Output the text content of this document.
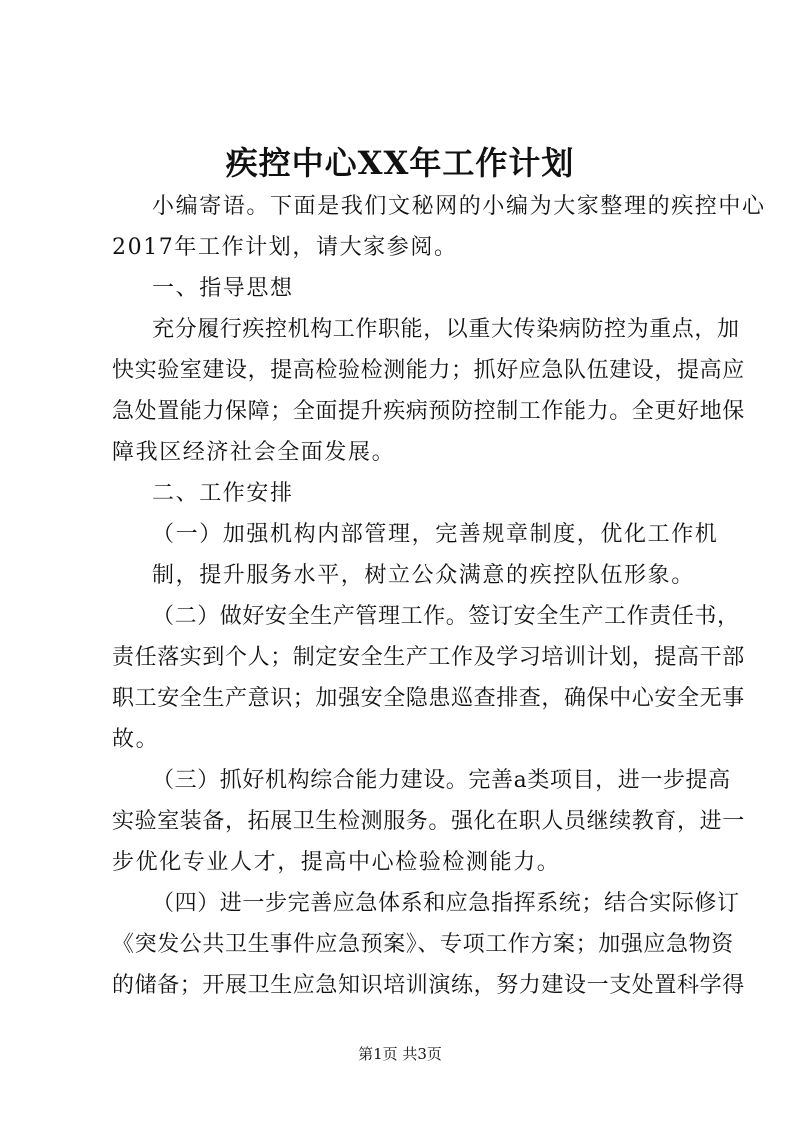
疾控中心XX年工作计划
小编寄语。下面是我们文秘网的小编为大家整理的疾控中心
2017年工作计划，请大家参阅。
一、指导思想
充分履行疾控机构工作职能，以重大传染病防控为重点，加
快实验室建设，提高检验检测能力；抓好应急队伍建设，提高应
急处置能力保障；全面提升疾病预防控制工作能力。全更好地保
障我区经济社会全面发展。
二、工作安排
（一）加强机构内部管理，完善规章制度，优化工作机
制，提升服务水平，树立公众满意的疾控队伍形象。
（二）做好安全生产管理工作。签订安全生产工作责任书，
责任落实到个人；制定安全生产工作及学习培训计划，提高干部
职工安全生产意识；加强安全隐患巡查排查，确保中心安全无事
故。
（三）抓好机构综合能力建设。完善a类项目，进一步提高
实验室装备，拓展卫生检测服务。强化在职人员继续教育，进一
步优化专业人才，提高中心检验检测能力。
（四）进一步完善应急体系和应急指挥系统；结合实际修订
《突发公共卫生事件应急预案》、专项工作方案；加强应急物资
的储备；开展卫生应急知识培训演练，努力建设一支处置科学得
第1页 共3页
